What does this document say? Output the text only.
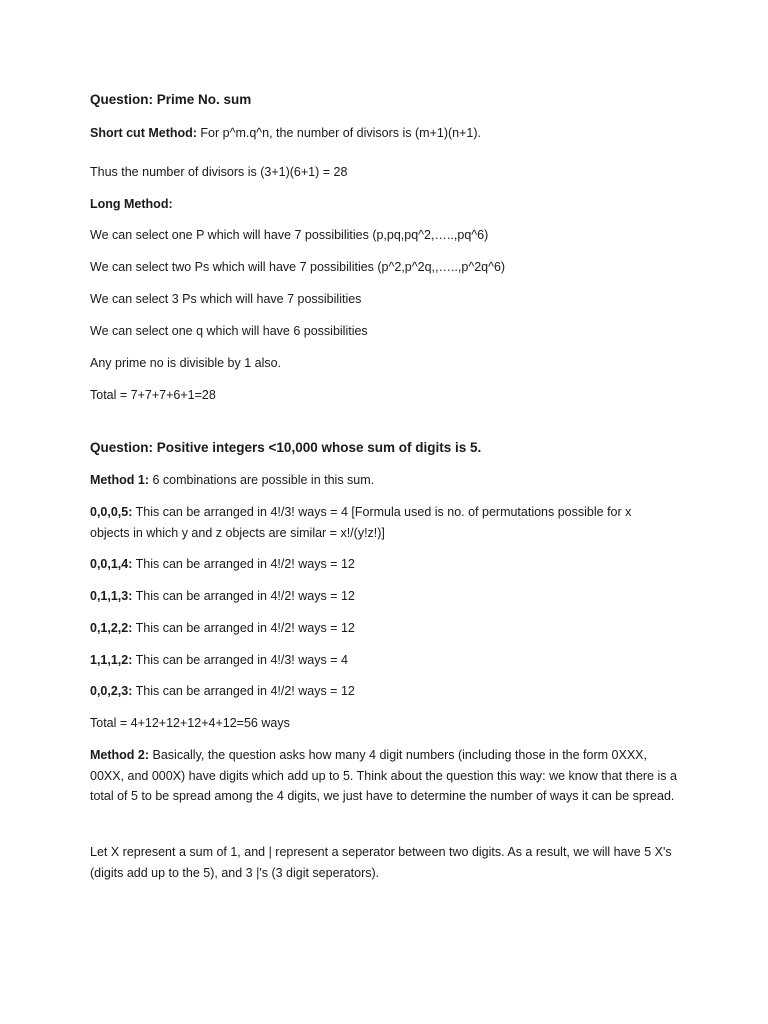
Question: Prime No. sum
Short cut Method: For p^m.q^n, the number of divisors is (m+1)(n+1).
Thus the number of divisors is (3+1)(6+1) = 28
Long Method:
We can select one P which will have 7 possibilities (p,pq,pq^2,…..,pq^6)
We can select two Ps which will have 7 possibilities (p^2,p^2q,,…..,p^2q^6)
We can select 3 Ps which will have 7 possibilities
We can select one q which will have 6 possibilities
Any prime no is divisible by 1 also.
Total = 7+7+7+6+1=28
Question: Positive integers <10,000 whose sum of digits is 5.
Method 1: 6 combinations are possible in this sum.
0,0,0,5: This can be arranged in 4!/3! ways = 4 [Formula used is no. of permutations possible for x objects in which y and z objects are similar = x!/(y!z!)]
0,0,1,4: This can be arranged in 4!/2! ways = 12
0,1,1,3: This can be arranged in 4!/2! ways = 12
0,1,2,2: This can be arranged in 4!/2! ways = 12
1,1,1,2: This can be arranged in 4!/3! ways = 4
0,0,2,3: This can be arranged in 4!/2! ways = 12
Total = 4+12+12+12+4+12=56 ways
Method 2: Basically, the question asks how many 4 digit numbers (including those in the form 0XXX, 00XX, and 000X) have digits which add up to 5. Think about the question this way: we know that there is a total of 5 to be spread among the 4 digits, we just have to determine the number of ways it can be spread.
Let X represent a sum of 1, and | represent a seperator between two digits. As a result, we will have 5 X's (digits add up to the 5), and 3 |'s (3 digit seperators).
